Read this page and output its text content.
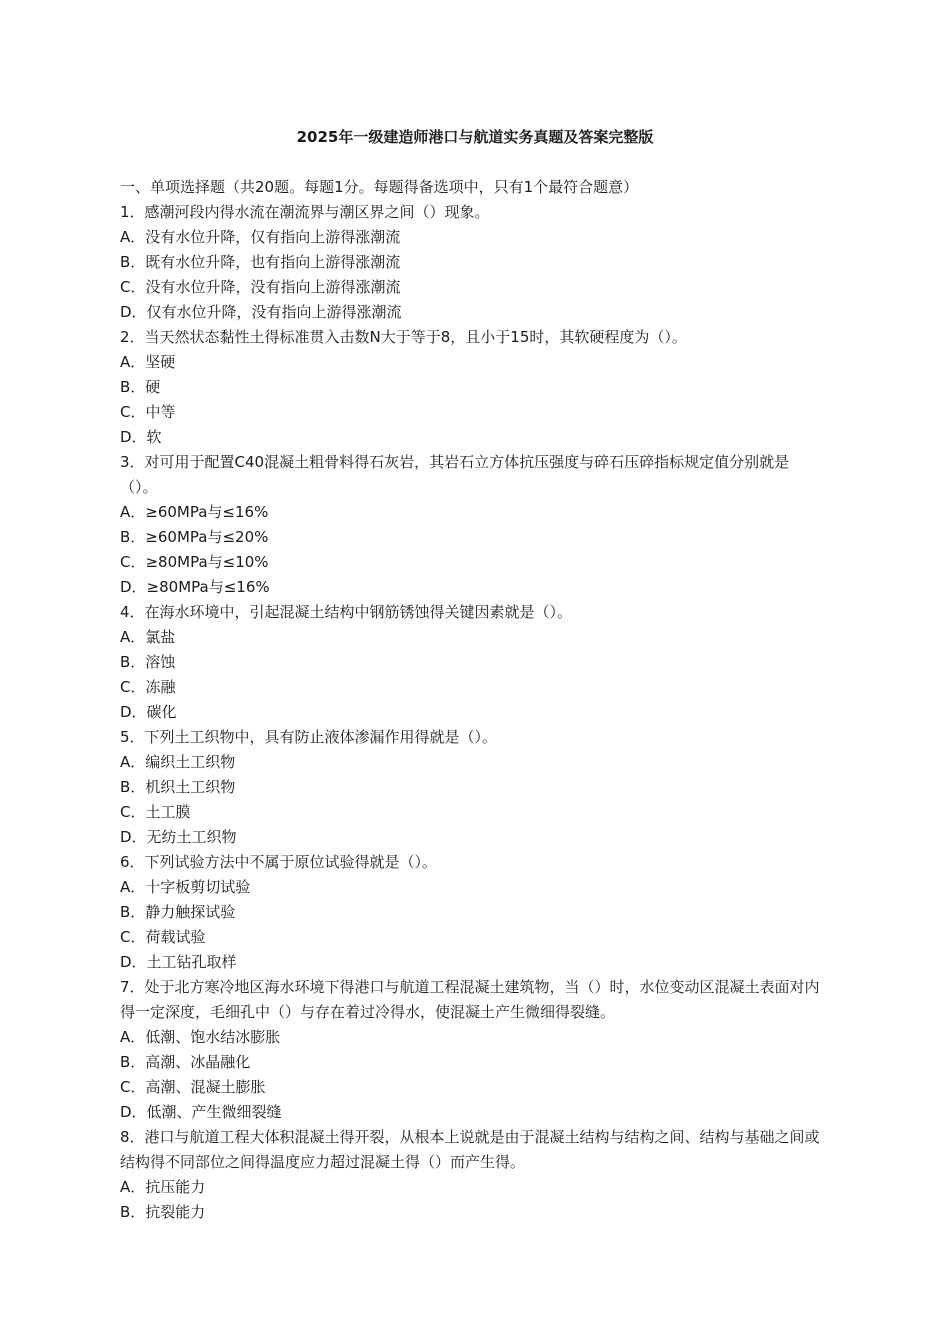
2025年一级建造师港口与航道实务真题及答案完整版
一、单项选择题（共20题。每题1分。每题得备选项中，只有1个最符合题意）
1．感潮河段内得水流在潮流界与潮区界之间（）现象。
A．没有水位升降，仅有指向上游得涨潮流
B．既有水位升降，也有指向上游得涨潮流
C．没有水位升降，没有指向上游得涨潮流
D．仅有水位升降，没有指向上游得涨潮流
2．当天然状态黏性土得标准贯入击数N大于等于8，且小于15时，其软硬程度为（）。
A．坚硬
B．硬
C．中等
D．软
3．对可用于配置C40混凝土粗骨料得石灰岩，其岩石立方体抗压强度与碎石压碎指标规定值分别就是
（）。
A．≥60MPa与≤16%
B．≥60MPa与≤20%
C．≥80MPa与≤10%
D．≥80MPa与≤16%
4．在海水环境中，引起混凝土结构中钢筋锈蚀得关键因素就是（）。
A．氯盐
B．溶蚀
C．冻融
D．碳化
5．下列土工织物中，具有防止液体渗漏作用得就是（）。
A．编织土工织物
B．机织土工织物
C．土工膜
D．无纺土工织物
6．下列试验方法中不属于原位试验得就是（）。
A．十字板剪切试验
B．静力触探试验
C．荷载试验
D．土工钻孔取样
7．处于北方寒冷地区海水环境下得港口与航道工程混凝土建筑物，当（）时，水位变动区混凝土表面对内
得一定深度，毛细孔中（）与存在着过冷得水，使混凝土产生微细得裂缝。
A．低潮、饱水结冰膨胀
B．高潮、冰晶融化
C．高潮、混凝土膨胀
D．低潮、产生微细裂缝
8．港口与航道工程大体积混凝土得开裂，从根本上说就是由于混凝土结构与结构之间、结构与基础之间或
结构得不同部位之间得温度应力超过混凝土得（）而产生得。
A．抗压能力
B．抗裂能力
